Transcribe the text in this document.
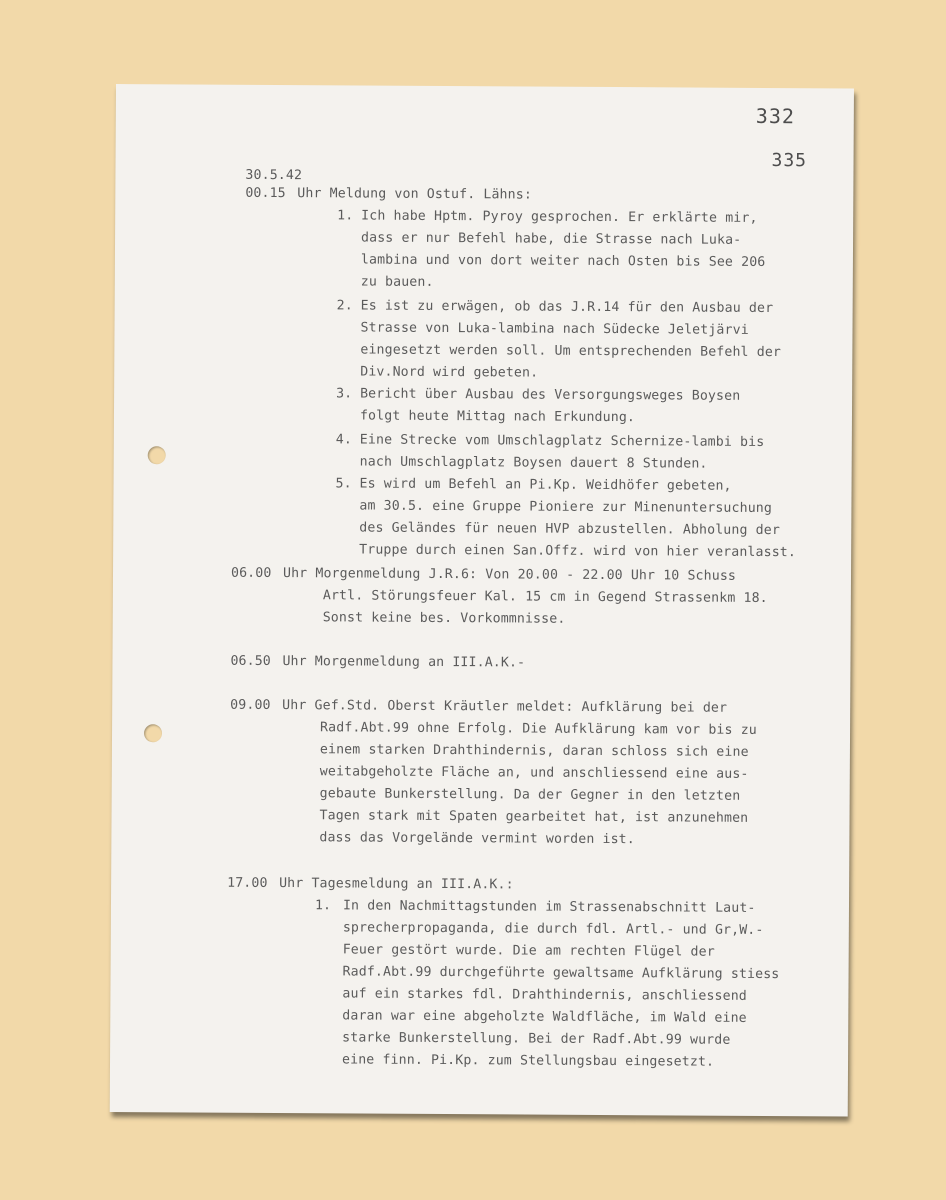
332
335
30.5.42
00.15 Uhr Meldung von Ostuf. Lähns:
1. Ich habe Hptm. Pyroy gesprochen. Er erklärte mir,
dass er nur Befehl habe, die Strasse nach Luka-
lambina und von dort weiter nach Osten bis See 206
zu bauen.
2. Es ist zu erwägen, ob das J.R.14 für den Ausbau der
Strasse von Luka-lambina nach Südecke Jeletjärvi
eingesetzt werden soll. Um entsprechenden Befehl der
Div.Nord wird gebeten.
3. Bericht über Ausbau des Versorgungsweges Boysen
folgt heute Mittag nach Erkundung.
4. Eine Strecke vom Umschlagplatz Schernize-lambi bis
nach Umschlagplatz Boysen dauert 8 Stunden.
5. Es wird um Befehl an Pi.Kp. Weidhöfer gebeten,
am 30.5. eine Gruppe Pioniere zur Minenuntersuchung
des Geländes für neuen HVP abzustellen. Abholung der
Truppe durch einen San.Offz. wird von hier veranlasst.
06.00 Uhr Morgenmeldung J.R.6: Von 20.00 - 22.00 Uhr 10 Schuss
Artl. Störungsfeuer Kal. 15 cm in Gegend Strassenkm 18.
Sonst keine bes. Vorkommnisse.
06.50 Uhr Morgenmeldung an III.A.K.-
09.00 Uhr Gef.Std. Oberst Kräutler meldet: Aufklärung bei der
Radf.Abt.99 ohne Erfolg. Die Aufklärung kam vor bis zu
einem starken Drahthindernis, daran schloss sich eine
weitabgeholzte Fläche an, und anschliessend eine aus-
gebaute Bunkerstellung. Da der Gegner in den letzten
Tagen stark mit Spaten gearbeitet hat, ist anzunehmen
dass das Vorgelände vermint worden ist.
17.00 Uhr Tagesmeldung an III.A.K.:
1. In den Nachmittagstunden im Strassenabschnitt Laut-
sprecherpropaganda, die durch fdl. Artl.- und Gr,W.-
Feuer gestört wurde. Die am rechten Flügel der
Radf.Abt.99 durchgeführte gewaltsame Aufklärung stiess
auf ein starkes fdl. Drahthindernis, anschliessend
daran war eine abgeholzte Waldfläche, im Wald eine
starke Bunkerstellung. Bei der Radf.Abt.99 wurde
eine finn. Pi.Kp. zum Stellungsbau eingesetzt.
